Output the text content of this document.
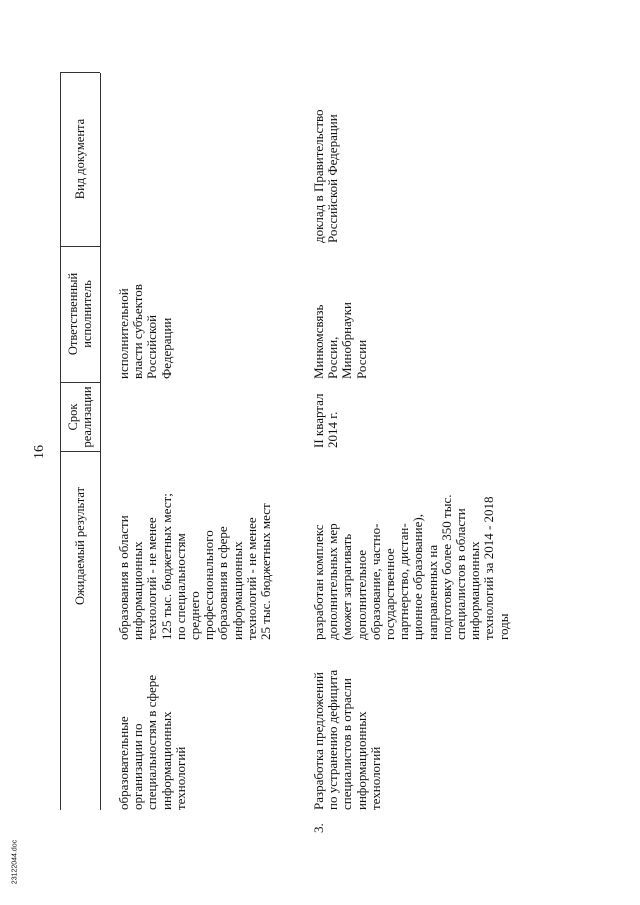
16
23122044.doc
Ожидаемый результат
Срок
реализации
Ответственный
исполнитель
Вид документа
образовательные
организации по
специальностям в сфере
информационных
технологий
образования в области
информационных
технологий - не менее
125 тыс. бюджетных мест;
по специальностям
среднего
профессионального
образования в сфере
информационных
технологий - не менее
25 тыс. бюджетных мест
исполнительной
власти субъектов
Российской
Федерации
3.
Разработка предложений
по устранению дефицита
специалистов в отрасли
информационных
технологий
разработан комплекс
дополнительных мер
(может затрагивать
дополнительное
образование, частно-
государственное
партнерство, дистан-
ционное образование),
направленных на
подготовку более 350 тыс.
специалистов в области
информационных
технологий за 2014 - 2018
годы
II квартал
2014 г.
Минкомсвязь
России,
Минобрнауки
России
доклад в Правительство
Российской Федерации
